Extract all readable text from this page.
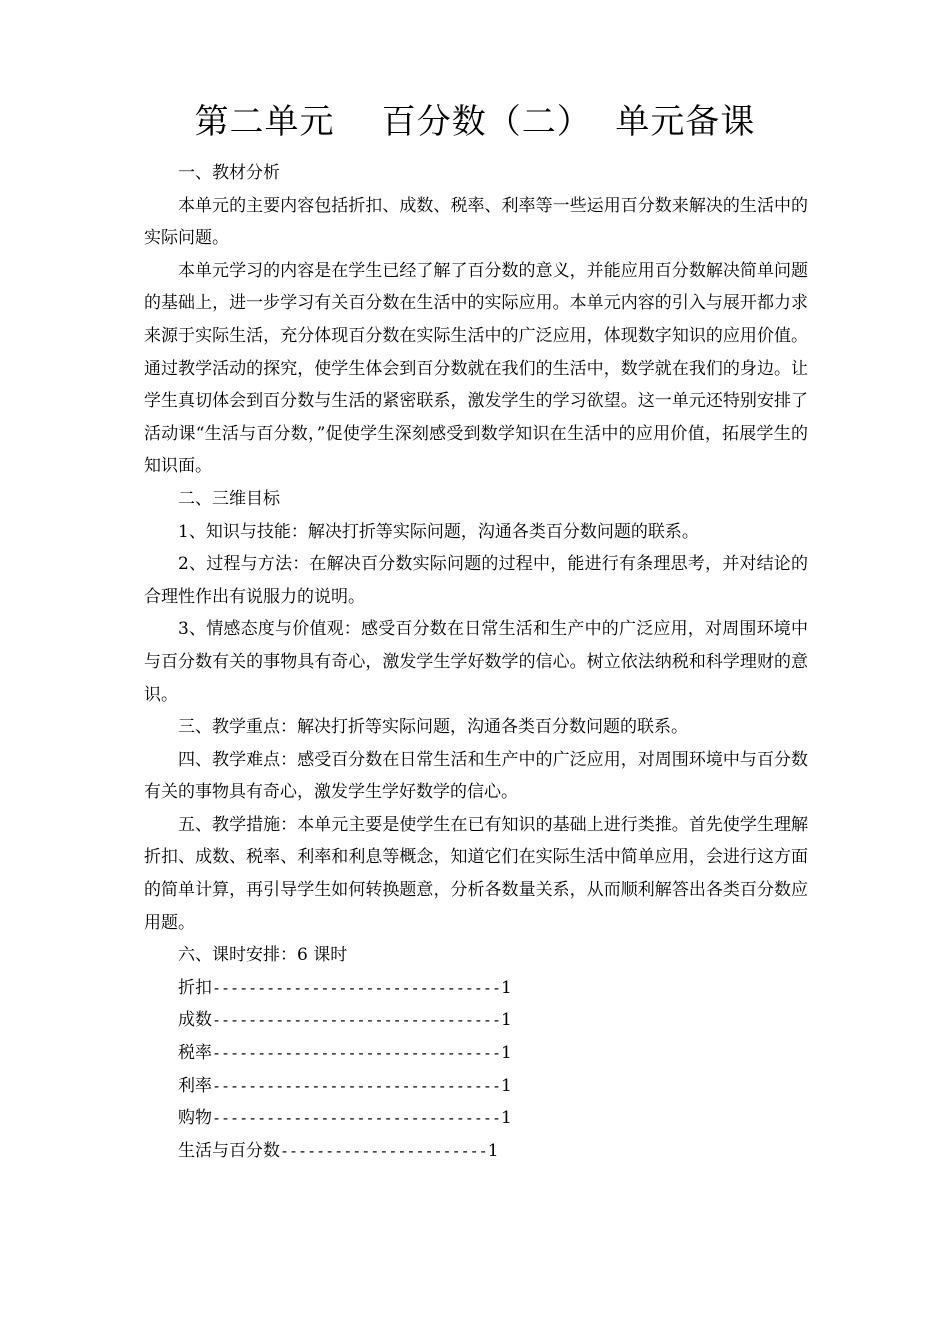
第二单元    百分数（二）  单元备课

一、教材分析

本单元的主要内容包括折扣、成数、税率、利率等一些运用百分数来解决的生活中的实际问题。

本单元学习的内容是在学生已经了解了百分数的意义，并能应用百分数解决简单问题的基础上，进一步学习有关百分数在生活中的实际应用。本单元内容的引入与展开都力求来源于实际生活，充分体现百分数在实际生活中的广泛应用，体现数字知识的应用价值。通过教学活动的探究，使学生体会到百分数就在我们的生活中，数学就在我们的身边。让学生真切体会到百分数与生活的紧密联系，激发学生的学习欲望。这一单元还特别安排了活动课“生活与百分数，”促使学生深刻感受到数学知识在生活中的应用价值，拓展学生的知识面。

二、三维目标

1、知识与技能：解决打折等实际问题，沟通各类百分数问题的联系。

2、过程与方法：在解决百分数实际问题的过程中，能进行有条理思考，并对结论的合理性作出有说服力的说明。

3、情感态度与价值观：感受百分数在日常生活和生产中的广泛应用，对周围环境中与百分数有关的事物具有奇心，激发学生学好数学的信心。树立依法纳税和科学理财的意识。

三、教学重点：解决打折等实际问题，沟通各类百分数问题的联系。

四、教学难点：感受百分数在日常生活和生产中的广泛应用，对周围环境中与百分数有关的事物具有奇心，激发学生学好数学的信心。

五、教学措施：本单元主要是使学生在已有知识的基础上进行类推。首先使学生理解折扣、成数、税率、利率和利息等概念，知道它们在实际生活中简单应用，会进行这方面的简单计算，再引导学生如何转换题意，分析各数量关系，从而顺利解答出各类百分数应用题。

六、课时安排：6 课时

折扣--------------------------------1
成数--------------------------------1
税率--------------------------------1
利率--------------------------------1
购物--------------------------------1
生活与百分数-----------------------1
